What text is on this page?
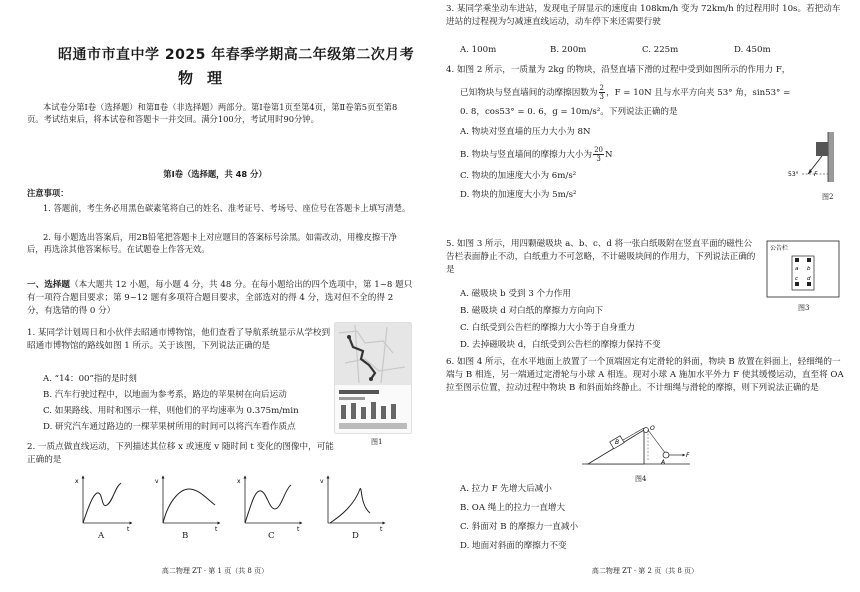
昭通市市直中学 2025 年春季学期高二年级第二次月考
物理
本试卷分第Ⅰ卷（选择题）和第Ⅱ卷（非选择题）两部分。第Ⅰ卷第1页至第4页，第Ⅱ卷第5页至第8页。考试结束后，将本试卷和答题卡一并交回。满分100分，考试用时90分钟。
第Ⅰ卷（选择题，共 48 分）
注意事项：
1. 答题前，考生务必用黑色碳素笔将自己的姓名、准考证号、考场号、座位号在答题卡上填写清楚。
2. 每小题选出答案后，用2B铅笔把答题卡上对应题目的答案标号涂黑。如需改动，用橡皮擦干净后，再选涂其他答案标号。在试题卷上作答无效。
一、选择题（本大题共 12 小题，每小题 4 分，共 48 分。在每小题给出的四个选项中，第 1~8 题只有一项符合题目要求；第 9~12 题有多项符合题目要求，全部选对的得 4 分，选对但不全的得 2 分，有选错的得 0 分）
1. 某同学计划周日和小伙伴去昭通市博物馆，他们查看了导航系统显示从学校到昭通市博物馆的路线如图 1 所示。关于该图，下列说法正确的是
A. “14：00”指的是时刻
B. 汽车行驶过程中，以地面为参考系，路边的苹果树在向后运动
C. 如果路线、用时和图示一样，则他们的平均速率为 0.375m/min
D. 研究汽车通过路边的一棵苹果树所用的时间可以将汽车看作质点
图1
2. 一质点做直线运动，下列描述其位移 x 或速度 v 随时间 t 变化的图像中，可能正确的是
x
t
v
t
x
t
v
t
A	B	C	D
高二物理 ZT · 第 1 页（共 8 页）
3. 某同学乘坐动车进站，发现电子屏显示的速度由 108km/h 变为 72km/h 的过程用时 10s。若把动车进站的过程视为匀减速直线运动，动车停下来还需要行驶
A. 100m	B. 200m	C. 225m	D. 450m
4. 如图 2 所示，一质量为 2kg 的物块，沿竖直墙下滑的过程中受到如图所示的作用力 F，
已知物块与竖直墙间的动摩擦因数为 $\frac{2}{3}$ ，F = 10N 且与水平方向夹 53° 角，sin53° =
0. 8，cos53° = 0. 6，g = 10m/s²。下列说法正确的是
A. 物块对竖直墙的压力大小为 8N
B. 物块与竖直墙间的摩擦力大小为 $\frac{20}{3}$ N
C. 物块的加速度大小为 6m/s²
D. 物块的加速度大小为 5m/s²
53°	F
图2
5. 如图 3 所示，用四颗磁吸块 a、b、c、d 将一张白纸吸附在竖直平面的磁性公告栏表面静止不动，白纸重力不可忽略，不计磁吸块间的作用力，下列说法正确的是
A. 磁吸块 b 受到 3 个力作用
B. 磁吸块 d 对白纸的摩擦力方向向下
C. 白纸受到公告栏的摩擦力大小等于自身重力
D. 去掉磁吸块 d，白纸受到公告栏的摩擦力保持不变
公告栏
a b
c d
图3
6. 如图 4 所示，在水平地面上放置了一个顶端固定有定滑轮的斜面，物块 B 放置在斜面上，轻细绳的一端与 B 相连，另一端通过定滑轮与小球 A 相连。现对小球 A 施加水平外力 F 使其缓慢运动，直至将 OA 拉至图示位置，拉动过程中物块 B 和斜面始终静止。不计细绳与滑轮的摩擦，则下列说法正确的是
B
O
A
F
图4
A. 拉力 F 先增大后减小
B. OA 绳上的拉力一直增大
C. 斜面对 B 的摩擦力一直减小
D. 地面对斜面的摩擦力不变
高二物理 ZT · 第 2 页（共 8 页）
